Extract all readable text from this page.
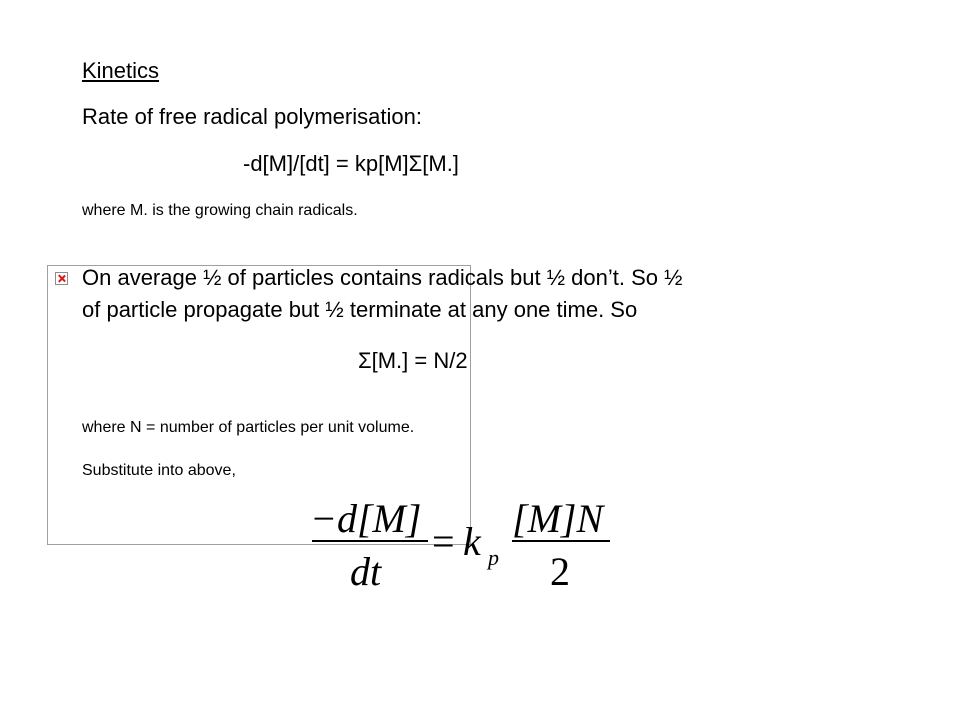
Kinetics
Rate of free radical polymerisation:
-d[M]/[dt] = kp[M]Σ[M.]
where M. is the growing chain radicals.
On average ½ of particles contains radicals but ½ don’t. So ½
of particle propagate but ½ terminate at any one time. So
Σ[M.] = N/2
where N = number of particles per unit volume.
Substitute into above,
−d[M]
dt
= k p
[M]N
2
